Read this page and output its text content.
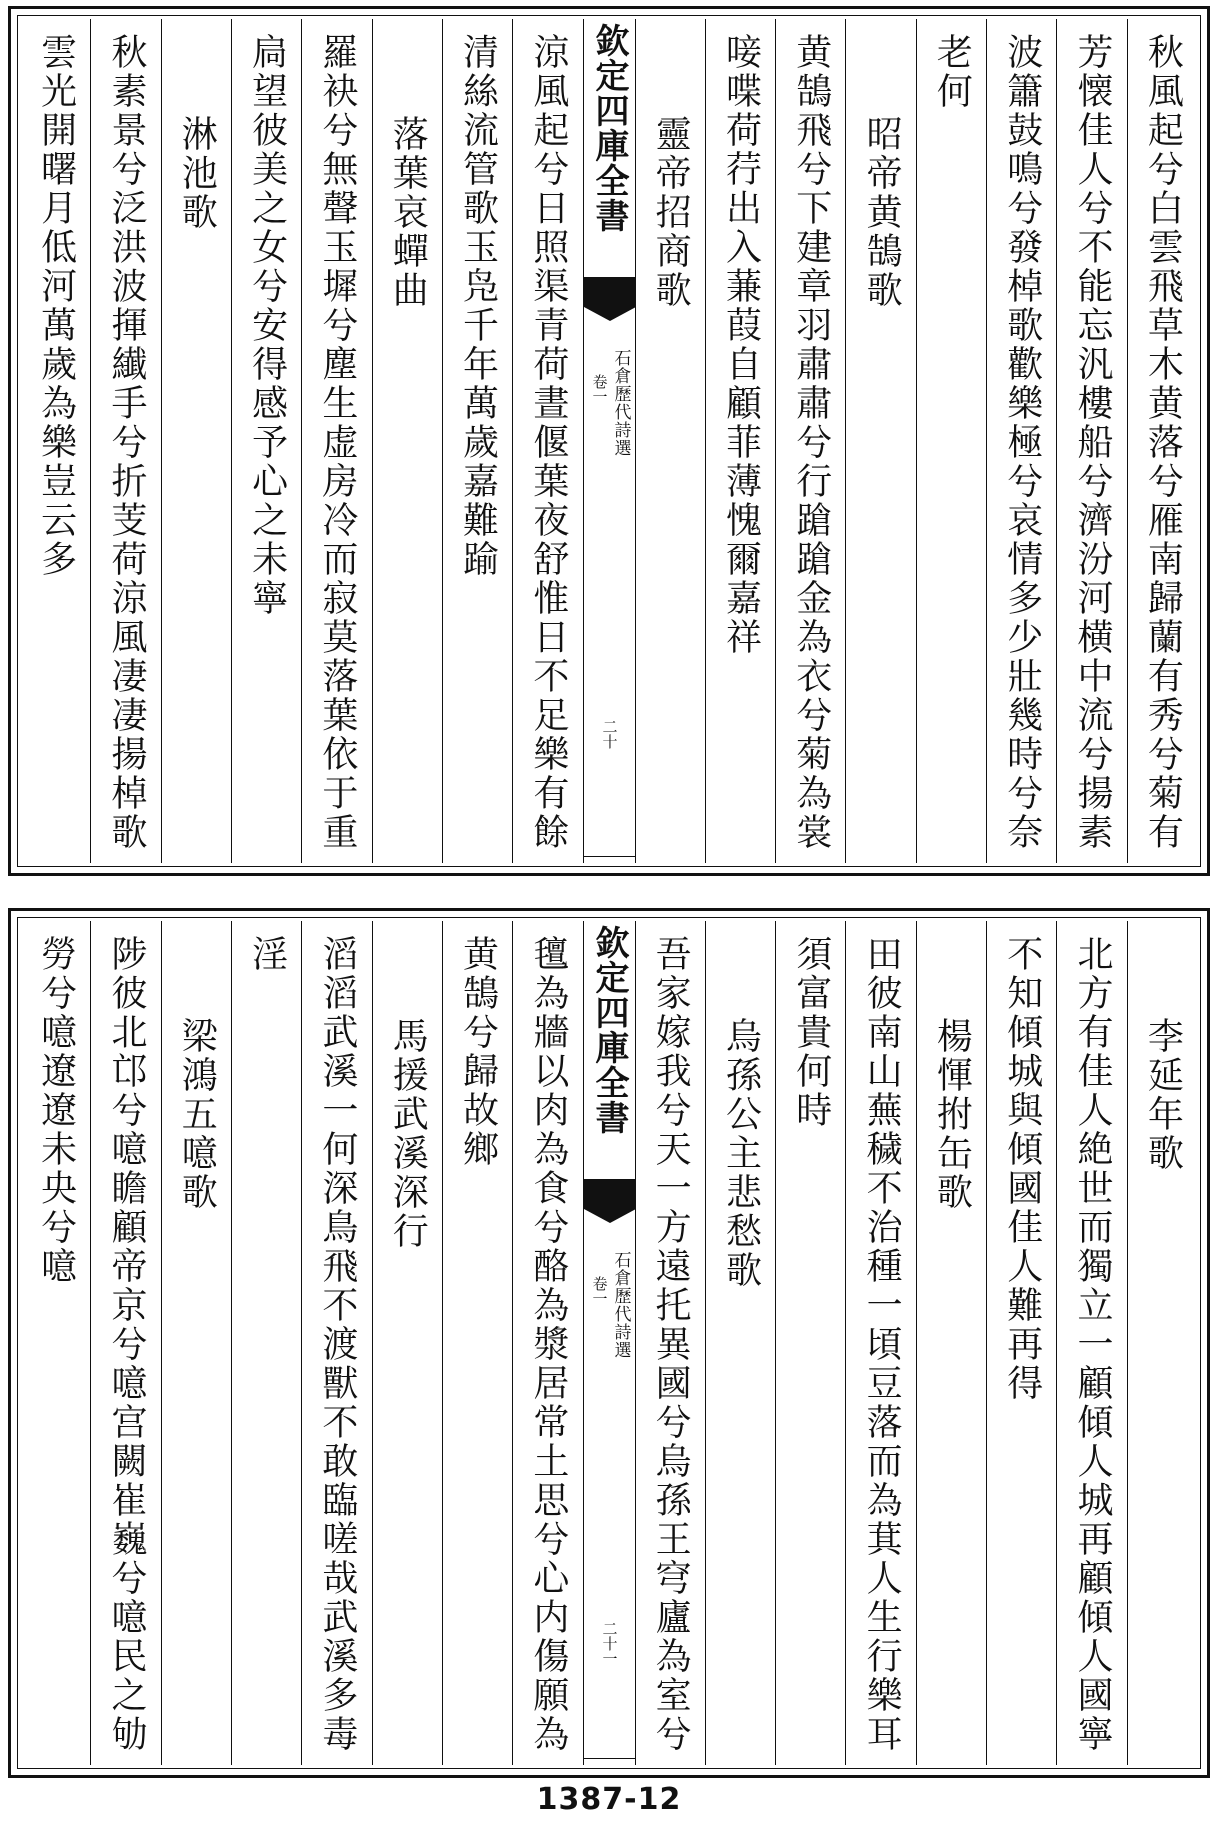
秋風起兮白雲飛草木黄落兮雁南歸蘭有秀兮菊有
芳懐佳人兮不能忘汎樓船兮濟汾河横中流兮揚素
波簫鼓鳴兮發棹歌歡樂極兮哀情多少壯幾時兮奈
老何
昭帝黄鵠歌
黄鵠飛兮下建章羽肅肅兮行蹌蹌金為衣兮菊為裳
唼喋荷荇出入蒹葭自顧菲薄愧爾嘉祥
靈帝招商歌
欽定四庫全書
石倉歷代詩選
卷一
二十
涼風起兮日照渠青荷晝偃葉夜舒惟日不足樂有餘
清絲流管歌玉凫千年萬歲嘉難踰
落葉哀蟬曲
羅袂兮無聲玉墀兮塵生虚房冷而寂莫落葉依于重
扃望彼美之女兮安得感予心之未寧
淋池歌
秋素景兮泛洪波揮纎手兮折芰荷涼風凄凄揚棹歌
雲光開曙月低河萬歲為樂豈云多
李延年歌
北方有佳人絶世而獨立一顧傾人城再顧傾人國寧
不知傾城與傾國佳人難再得
楊惲拊缶歌
田彼南山蕪穢不治種一頃豆落而為萁人生行樂耳
須富貴何時
烏孫公主悲愁歌
吾家嫁我兮天一方遠托異國兮烏孫王穹廬為室兮
欽定四庫全書
石倉歷代詩選
卷一
二十一
氊為牆以肉為食兮酪為漿居常土思兮心内傷願為
黄鵠兮歸故鄉
馬援武溪深行
滔滔武溪一何深鳥飛不渡獸不敢臨嗟哉武溪多毒
淫
梁鴻五噫歌
陟彼北邙兮噫瞻顧帝京兮噫宫闕崔巍兮噫民之劬
勞兮噫遼遼未央兮噫
1387-12
